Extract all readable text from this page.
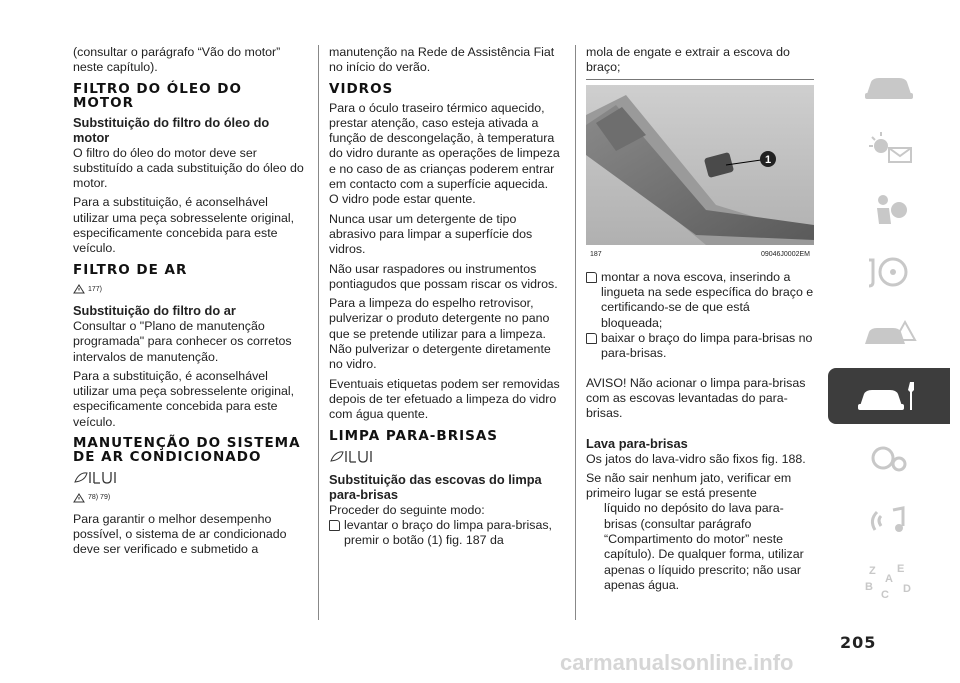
(consultar o parágrafo “Vão do motor” neste capítulo).

FILTRO DO ÓLEO DO MOTOR
Substituição do filtro do óleo do motor

O filtro do óleo do motor deve ser substituído a cada substituição do óleo do motor.

Para a substituição, é aconselhável utilizar uma peça sobresselente original, especificamente concebida para este veículo.

FILTRO DE AR
177)
Substituição do filtro do ar

Consultar o "Plano de manutenção programada" para conhecer os corretos intervalos de manutenção.

Para a substituição, é aconselhável utilizar uma peça sobresselente original, especificamente concebida para este veículo.

MANUTENÇÃO DO SISTEMA DE AR CONDICIONADO
78) 79)

Para garantir o melhor desempenho possível, o sistema de ar condicionado deve ser verificado e submetido a

manutenção na Rede de Assistência Fiat no início do verão.

VIDROS

Para o óculo traseiro térmico aquecido, prestar atenção, caso esteja ativada a função de descongelação, à temperatura do vidro durante as operações de limpeza e no caso de as crianças poderem entrar em contacto com a superfície aquecida. O vidro pode estar quente.

Nunca usar um detergente de tipo abrasivo para limpar a superfície dos vidros.

Não usar raspadores ou instrumentos pontiagudos que possam riscar os vidros.

Para a limpeza do espelho retrovisor, pulverizar o produto detergente no pano que se pretende utilizar para a limpeza. Não pulverizar o detergente diretamente no vidro.

Eventuais etiquetas podem ser removidas depois de ter efetuado a limpeza do vidro com água quente.

LIMPA PARA-BRISAS
Substituição das escovas do limpa para-brisas

Proceder do seguinte modo:

levantar o braço do limpa para-brisas, premir o botão (1) fig. 187 da

mola de engate e extrair a escova do braço;

1
187	09046J0002EM
montar a nova escova, inserindo a lingueta na sede específica do braço e certificando-se de que está bloqueada;
baixar o braço do limpa para-brisas no para-brisas.

AVISO! Não acionar o limpa para-brisas com as escovas levantadas do para-brisas.

Lava para-brisas

Os jatos do lava-vidro são fixos fig. 188.

Se não sair nenhum jato, verificar em primeiro lugar se está presente

líquido no depósito do lava para-brisas (consultar parágrafo “Compartimento do motor” neste capítulo). De qualquer forma, utilizar apenas o líquido prescrito; não usar apenas água.

Z E
B
C D
A
205
carmanualsonline.info
